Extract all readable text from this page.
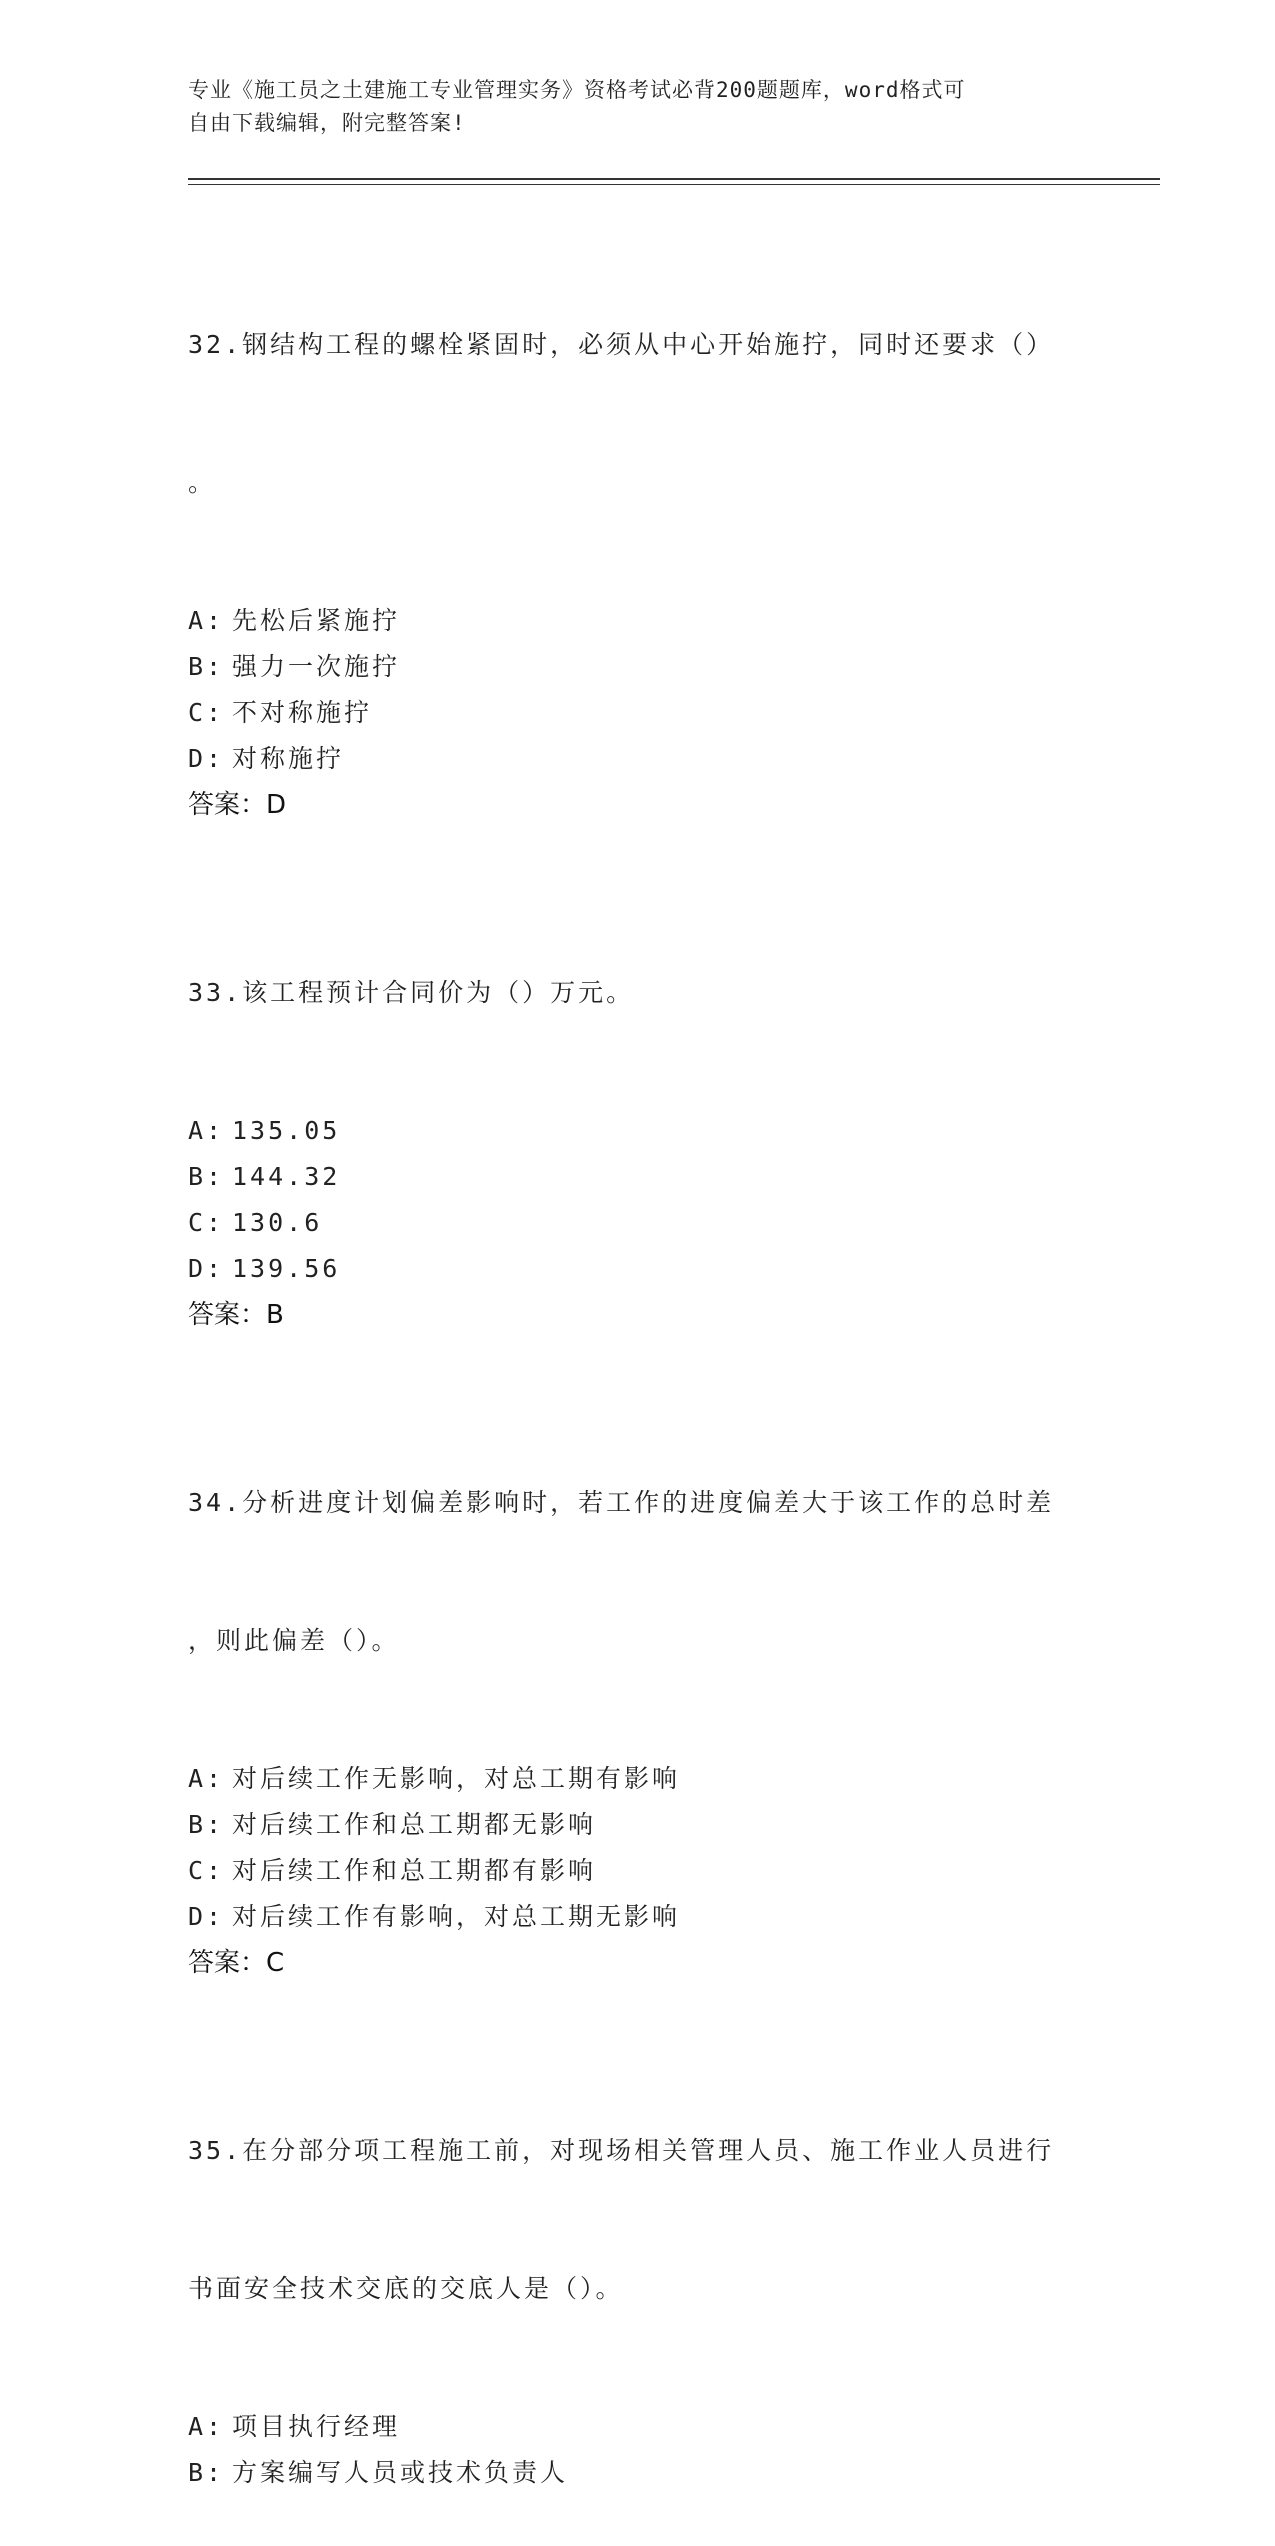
专业《施工员之土建施工专业管理实务》资格考试必背200题题库，word格式可
自由下载编辑，附完整答案!

32.钢结构工程的螺栓紧固时，必须从中心开始施拧，同时还要求（）

。

A: 先松后紧施拧
B: 强力一次施拧
C: 不对称施拧
D: 对称施拧
答案：D

33.该工程预计合同价为（）万元。

A: 135.05
B: 144.32
C: 130.6
D: 139.56
答案：B

34.分析进度计划偏差影响时，若工作的进度偏差大于该工作的总时差

，则此偏差（）。

A: 对后续工作无影响，对总工期有影响
B: 对后续工作和总工期都无影响
C: 对后续工作和总工期都有影响
D: 对后续工作有影响，对总工期无影响
答案：C

35.在分部分项工程施工前，对现场相关管理人员、施工作业人员进行

书面安全技术交底的交底人是（）。

A: 项目执行经理
B: 方案编写人员或技术负责人
